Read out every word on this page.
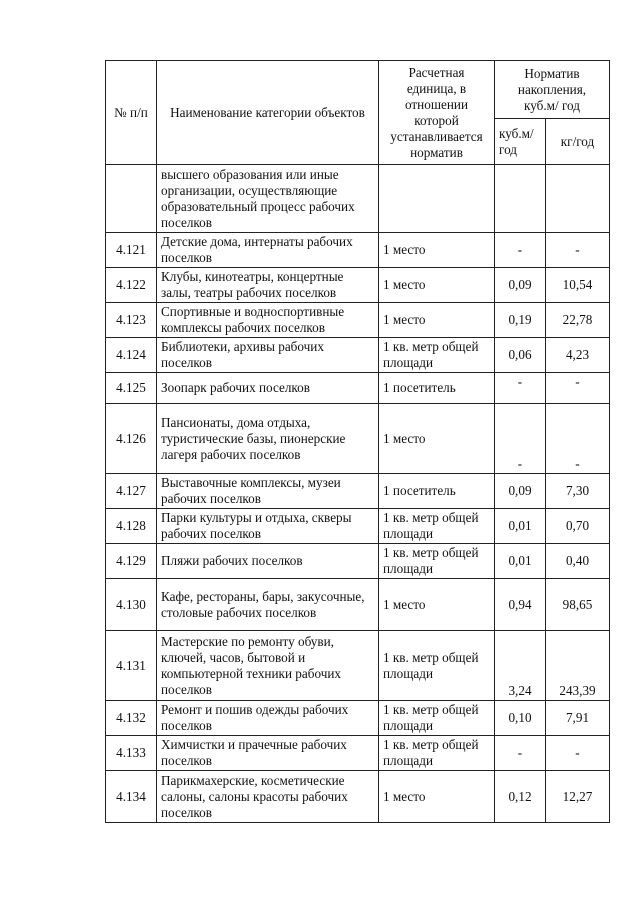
№ п/п	Наименование категории объектов	Расчетная единица, в отношении которой устанавливается норматив	Норматив накопления, куб.м/ год	
			куб.м/ год	кг/год
	высшего образования или иные организации, осуществляющие образовательный процесс рабочих поселков			
4.121	Детские дома, интернаты рабочих поселков	1 место	-	-
4.122	Клубы, кинотеатры, концертные залы, театры рабочих поселков	1 место	0,09	10,54
4.123	Спортивные и водноспортивные комплексы рабочих поселков	1 место	0,19	22,78
4.124	Библиотеки, архивы рабочих поселков	1 кв. метр общей площади	0,06	4,23
4.125	Зоопарк рабочих поселков	1 посетитель	-	-
4.126	Пансионаты, дома отдыха, туристические базы, пионерские лагеря рабочих поселков	1 место	-	-
4.127	Выставочные комплексы, музеи рабочих поселков	1 посетитель	0,09	7,30
4.128	Парки культуры и отдыха, скверы рабочих поселков	1 кв. метр общей площади	0,01	0,70
4.129	Пляжи рабочих поселков	1 кв. метр общей площади	0,01	0,40
4.130	Кафе, рестораны, бары, закусочные, столовые рабочих поселков	1 место	0,94	98,65
4.131	Мастерские по ремонту обуви, ключей, часов, бытовой и компьютерной техники рабочих поселков	1 кв. метр общей площади	3,24	243,39
4.132	Ремонт и пошив одежды рабочих поселков	1 кв. метр общей площади	0,10	7,91
4.133	Химчистки и прачечные рабочих поселков	1 кв. метр общей площади	-	-
4.134	Парикмахерские, косметические салоны, салоны красоты рабочих поселков	1 место	0,12	12,27
